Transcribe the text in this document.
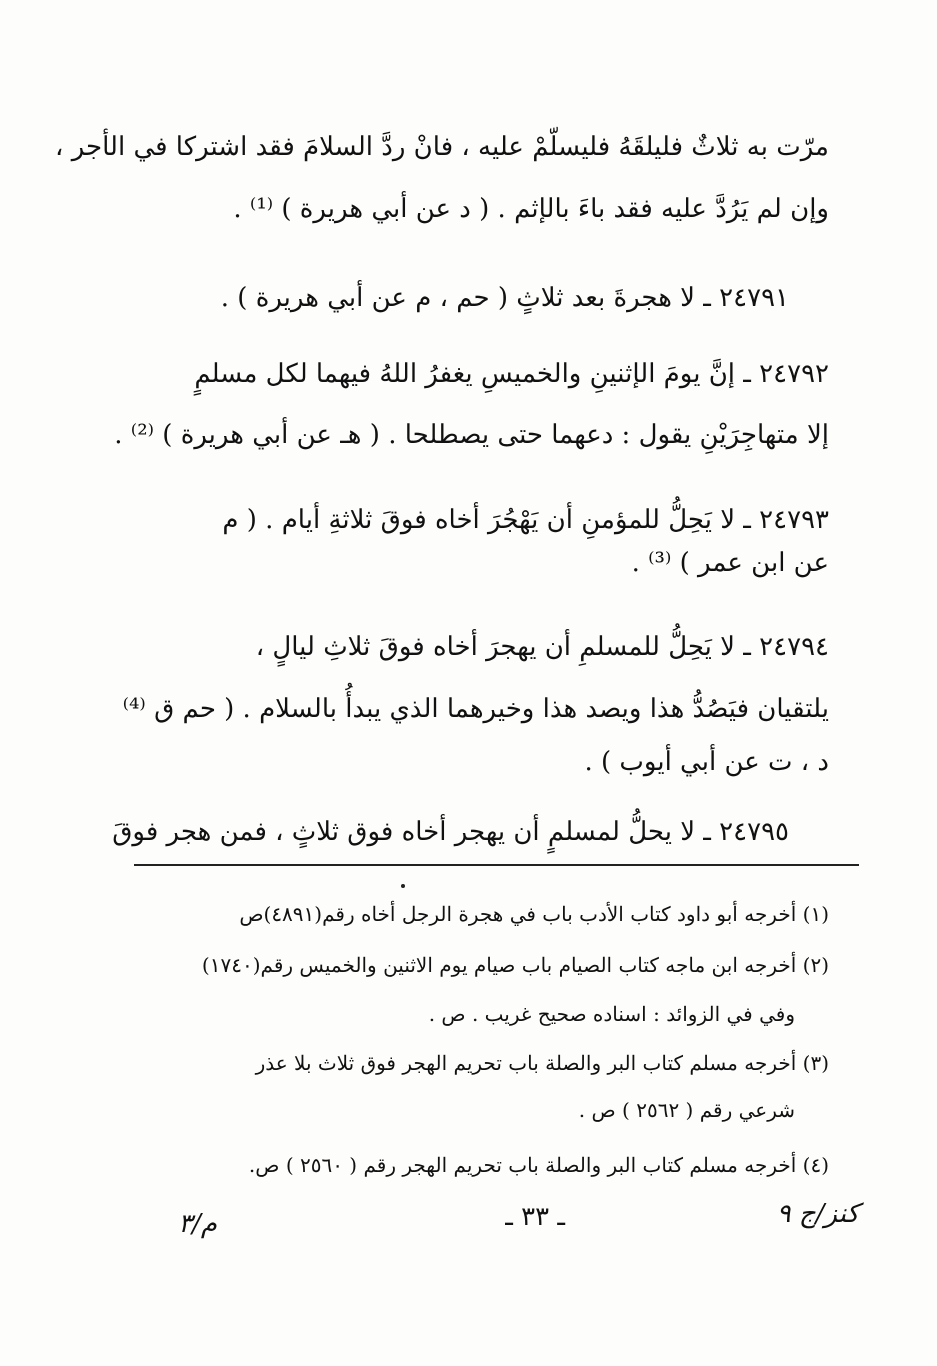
مرّت به ثلاثٌ فليلقَهُ فليسلّمْ عليه ، فانْ ردَّ السلامَ فقد اشتركا في الأجر ،
وإن لم يَرُدَّ عليه فقد باءَ بالإثم . ( د عن أبي هريرة ) ⁽¹⁾ .
٢٤٧٩١ ـ لا هجرةَ بعد ثلاثٍ ( حم ، م عن أبي هريرة ) .
٢٤٧٩٢ ـ إنَّ يومَ الإثنينِ والخميسِ يغفرُ اللهُ فيهما لكل مسلمٍ
إلا متهاجِرَيْنِ يقول : دعهما حتى يصطلحا . ( هـ عن أبي هريرة ) ⁽²⁾ .
٢٤٧٩٣ ـ لا يَحِلُّ للمؤمنِ أن يَهْجُرَ أخاه فوقَ ثلاثةِ أيام . ( م
عن ابن عمر ) ⁽³⁾ .
٢٤٧٩٤ ـ لا يَحِلُّ للمسلمِ أن يهجرَ أخاه فوقَ ثلاثِ ليالٍ ،
يلتقيان فيَصُدُّ هذا ويصد هذا وخيرهما الذي يبدأُ بالسلام . ( حم ق ⁽⁴⁾
د ، ت عن أبي أيوب ) .
٢٤٧٩٥ ـ لا يحلُّ لمسلمٍ أن يهجر أخاه فوق ثلاثٍ ، فمن هجر فوقَ
(١) أخرجه أبو داود كتاب الأدب باب في هجرة الرجل أخاه رقم(٤٨٩١)ص
(٢) أخرجه ابن ماجه كتاب الصيام باب صيام يوم الاثنين والخميس رقم(١٧٤٠)
وفي في الزوائد : اسناده صحيح غريب . ص .
(٣) أخرجه مسلم كتاب البر والصلة باب تحريم الهجر فوق ثلاث بلا عذر
شرعي رقم ( ٢٥٦٢ ) ص .
(٤) أخرجه مسلم كتاب البر والصلة باب تحريم الهجر رقم ( ٢٥٦٠ ) ص.
كنز/ج ٩
ـ ٣٣ ـ
م/٣
